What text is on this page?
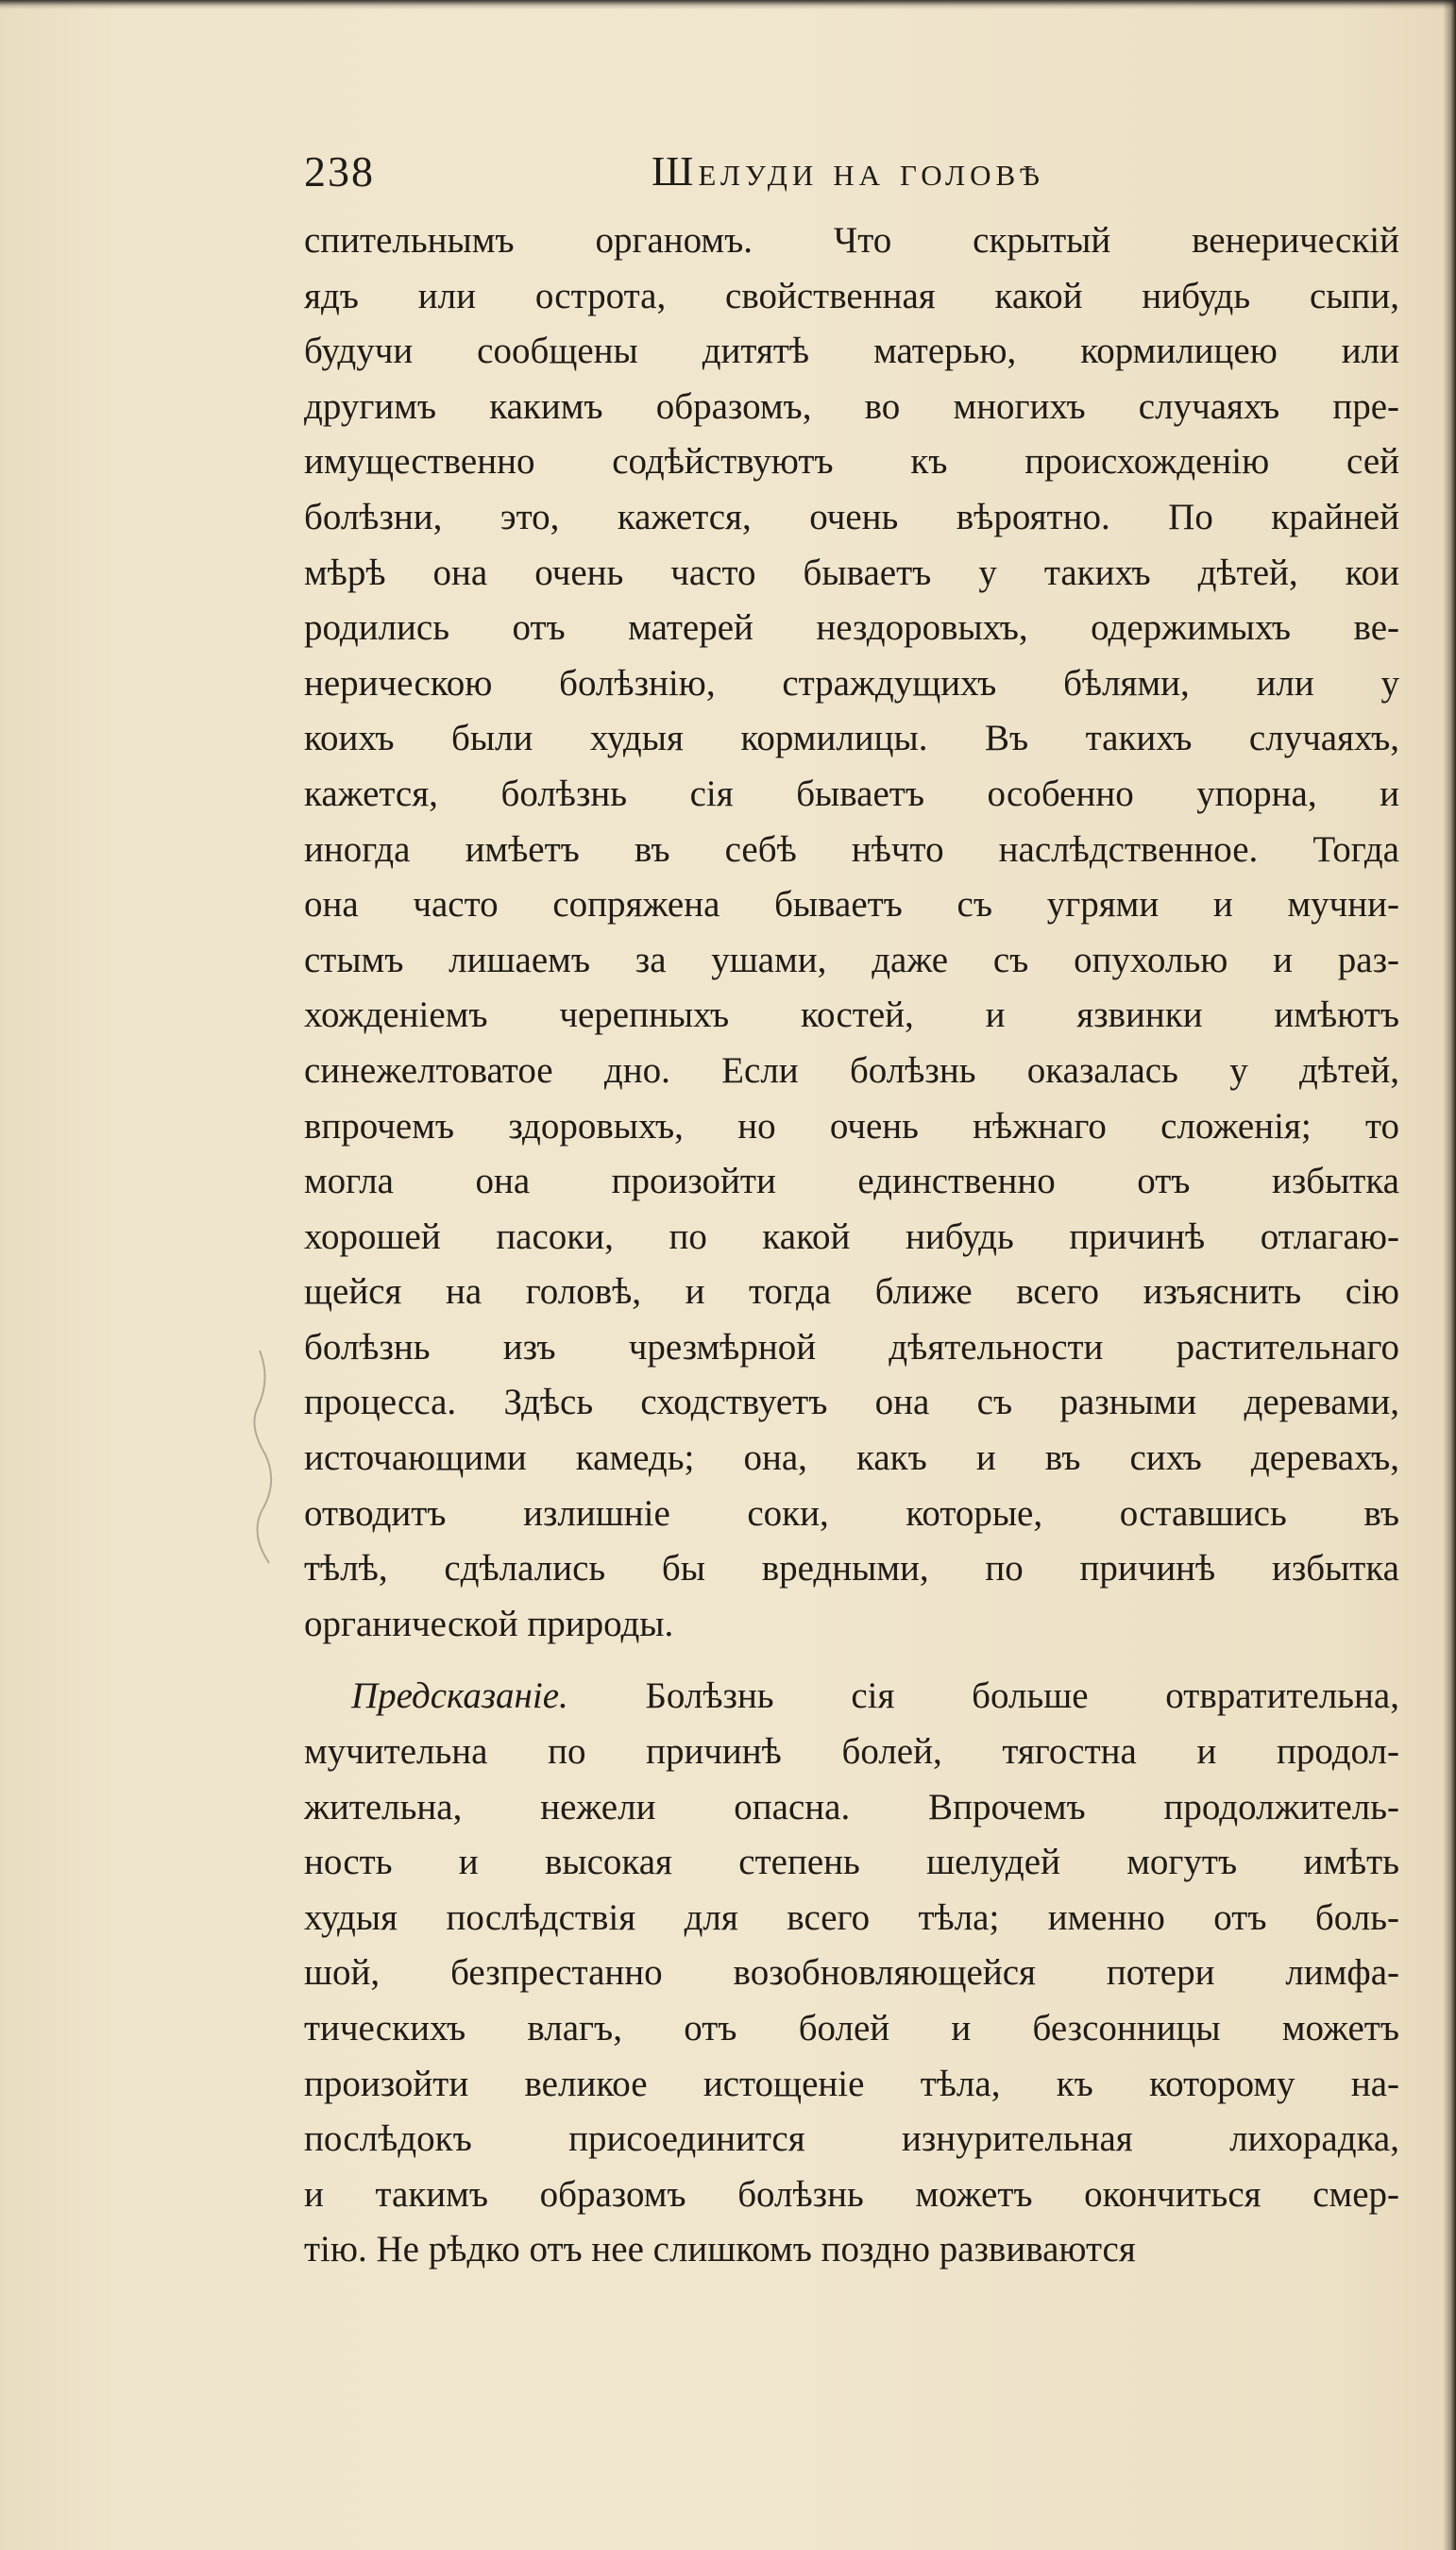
238	Шелуди на головѣ
спительнымъ органомъ. Что скрытый венерическій
ядъ или острота, свойственная какой нибудь сыпи,
будучи сообщены дитятѣ матерью, кормилицею или
другимъ какимъ образомъ, во многихъ случаяхъ пре-
имущественно содѣйствуютъ къ происхожденію сей
болѣзни, это, кажется, очень вѣроятно. По крайней
мѣрѣ она очень часто бываетъ у такихъ дѣтей, кои
родились отъ матерей нездоровыхъ, одержимыхъ ве-
нерическою болѣзнію, страждущихъ бѣлями, или у
коихъ были худыя кормилицы. Въ такихъ случаяхъ,
кажется, болѣзнь сія бываетъ особенно упорна, и
иногда имѣетъ въ себѣ нѣчто наслѣдственное. Тогда
она часто сопряжена бываетъ съ угрями и мучни-
стымъ лишаемъ за ушами, даже съ опухолью и раз-
хожденіемъ черепныхъ костей, и язвинки имѣютъ
синежелтоватое дно. Если болѣзнь оказалась у дѣтей,
впрочемъ здоровыхъ, но очень нѣжнаго сложенія; то
могла она произойти единственно отъ избытка
хорошей пасоки, по какой нибудь причинѣ отлагаю-
щейся на головѣ, и тогда ближе всего изъяснить сію
болѣзнь изъ чрезмѣрной дѣятельности растительнаго
процесса. Здѣсь сходствуетъ она съ разными деревами,
источающими камедь; она, какъ и въ сихъ деревахъ,
отводитъ излишніе соки, которые, оставшись въ
тѣлѣ, сдѣлались бы вредными, по причинѣ избытка
органической природы.
Предсказаніе. Болѣзнь сія больше отвратительна,
мучительна по причинѣ болей, тягостна и продол-
жительна, нежели опасна. Впрочемъ продолжитель-
ность и высокая степень шелудей могутъ имѣть
худыя послѣдствія для всего тѣла; именно отъ боль-
шой, безпрестанно возобновляющейся потери лимфа-
тическихъ влагъ, отъ болей и безсонницы можетъ
произойти великое истощеніе тѣла, къ которому на-
послѣдокъ присоединится изнурительная лихорадка,
и такимъ образомъ болѣзнь можетъ окончиться смер-
тію. Не рѣдко отъ нее слишкомъ поздно развиваются
